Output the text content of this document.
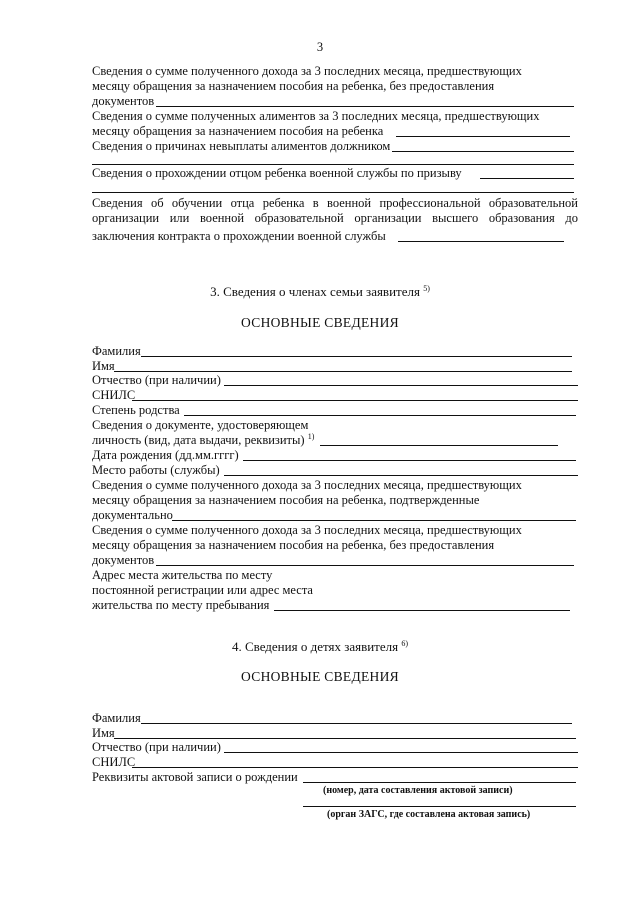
3
Сведения о сумме полученного дохода за 3 последних месяца, предшествующих
месяцу обращения за назначением пособия на ребенка, без предоставления
документов
Сведения о сумме полученных алиментов за 3 последних месяца, предшествующих
месяцу обращения за назначением пособия на ребенка
Сведения о причинах невыплаты алиментов должником
Сведения о прохождении отцом ребенка военной службы по призыву
Сведения об обучении отца ребенка в военной профессиональной образовательной
организации или военной образовательной организации высшего образования до
заключения контракта о прохождении военной службы
3. Сведения о членах семьи заявителя $^{5)}$
ОСНОВНЫЕ СВЕДЕНИЯ
Фамилия
Имя
Отчество (при наличии)
СНИЛС
Степень родства
Сведения о документе, удостоверяющем
личность (вид, дата выдачи, реквизиты) $^{1)}$
Дата рождения (дд.мм.гггг)
Место работы (службы)
Сведения о сумме полученного дохода за 3 последних месяца, предшествующих
месяцу обращения за назначением пособия на ребенка, подтвержденные
документально
Сведения о сумме полученного дохода за 3 последних месяца, предшествующих
месяцу обращения за назначением пособия на ребенка, без предоставления
документов
Адрес места жительства по месту
постоянной регистрации или адрес места
жительства по месту пребывания
4. Сведения о детях заявителя $^{6)}$
ОСНОВНЫЕ СВЕДЕНИЯ
Фамилия
Имя
Отчество (при наличии)
СНИЛС
Реквизиты актовой записи о рождении
(номер, дата составления актовой записи)
(орган ЗАГС, где составлена актовая запись)
